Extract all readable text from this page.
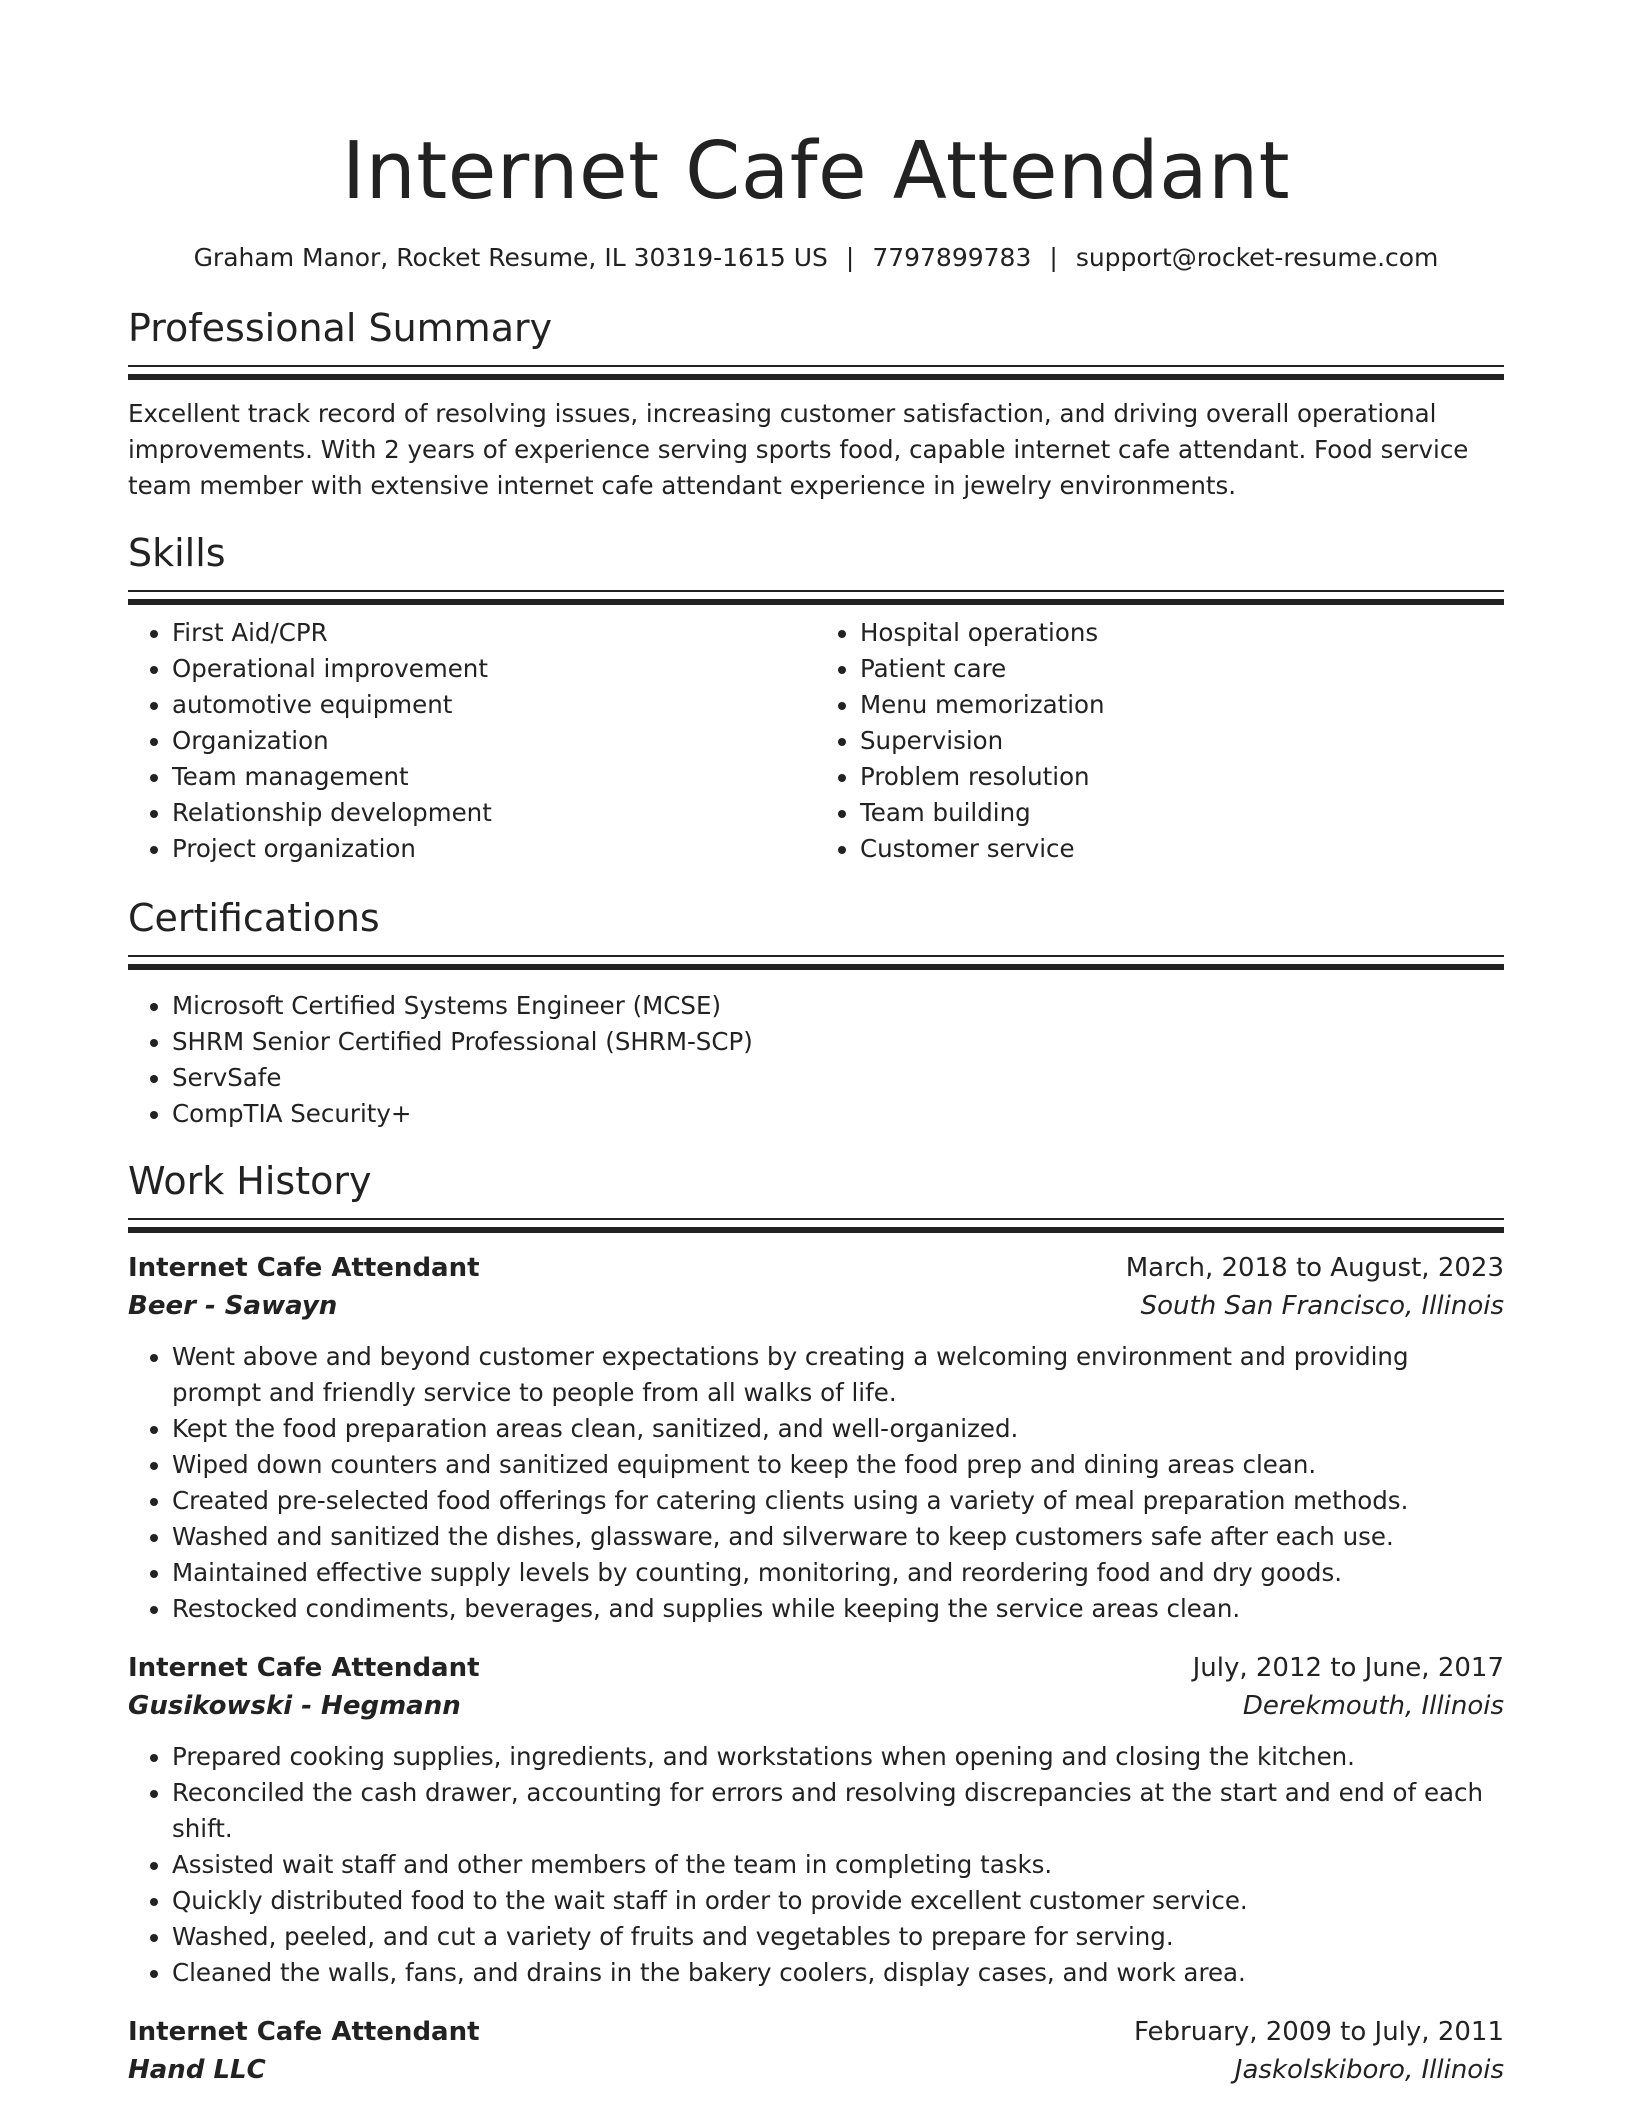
Internet Cafe Attendant
Graham Manor, Rocket Resume, IL 30319-1615 US | 7797899783 | support@rocket-resume.com
Professional Summary
Excellent track record of resolving issues, increasing customer satisfaction, and driving overall operational improvements. With 2 years of experience serving sports food, capable internet cafe attendant. Food service team member with extensive internet cafe attendant experience in jewelry environments.
Skills
• First Aid/CPR
• Operational improvement
• automotive equipment
• Organization
• Team management
• Relationship development
• Project organization
• Hospital operations
• Patient care
• Menu memorization
• Supervision
• Problem resolution
• Team building
• Customer service
Certifications
• Microsoft Certified Systems Engineer (MCSE)
• SHRM Senior Certified Professional (SHRM-SCP)
• ServSafe
• CompTIA Security+
Work History
Internet Cafe Attendant	March, 2018 to August, 2023
Beer - Sawayn	South San Francisco, Illinois
• Went above and beyond customer expectations by creating a welcoming environment and providing prompt and friendly service to people from all walks of life.
• Kept the food preparation areas clean, sanitized, and well-organized.
• Wiped down counters and sanitized equipment to keep the food prep and dining areas clean.
• Created pre-selected food offerings for catering clients using a variety of meal preparation methods.
• Washed and sanitized the dishes, glassware, and silverware to keep customers safe after each use.
• Maintained effective supply levels by counting, monitoring, and reordering food and dry goods.
• Restocked condiments, beverages, and supplies while keeping the service areas clean.
Internet Cafe Attendant	July, 2012 to June, 2017
Gusikowski - Hegmann	Derekmouth, Illinois
• Prepared cooking supplies, ingredients, and workstations when opening and closing the kitchen.
• Reconciled the cash drawer, accounting for errors and resolving discrepancies at the start and end of each shift.
• Assisted wait staff and other members of the team in completing tasks.
• Quickly distributed food to the wait staff in order to provide excellent customer service.
• Washed, peeled, and cut a variety of fruits and vegetables to prepare for serving.
• Cleaned the walls, fans, and drains in the bakery coolers, display cases, and work area.
Internet Cafe Attendant	February, 2009 to July, 2011
Hand LLC	Jaskolskiboro, Illinois
